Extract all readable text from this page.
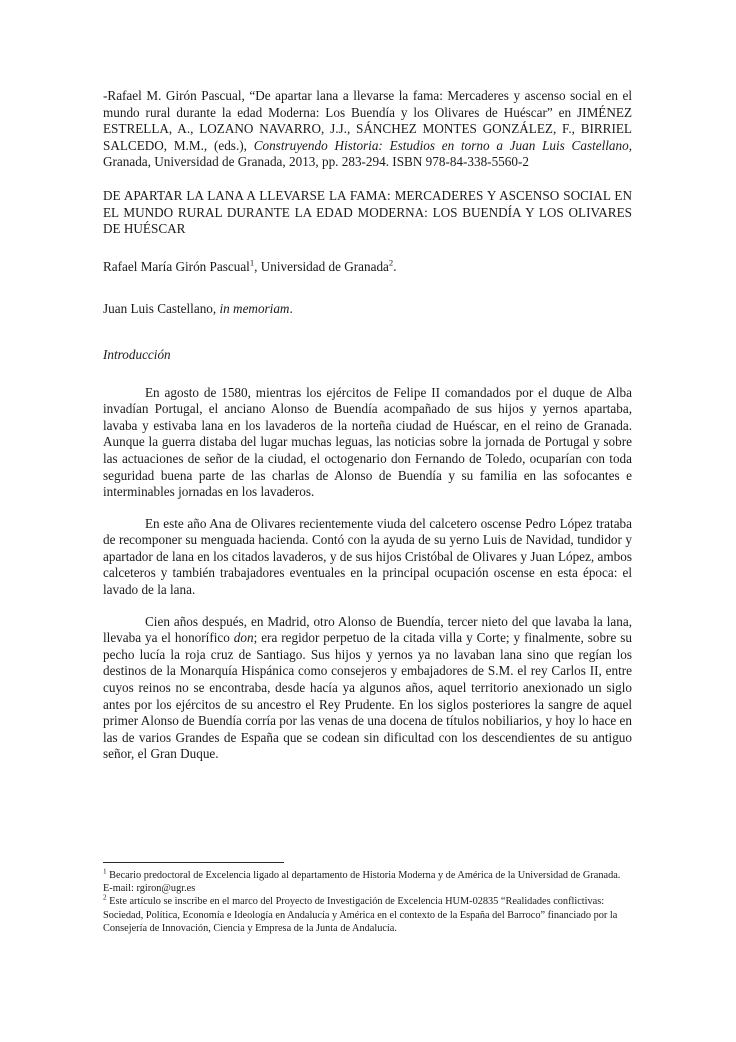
-Rafael M. Girón Pascual, “De apartar lana a llevarse la fama: Mercaderes y ascenso social en el mundo rural durante la edad Moderna: Los Buendía y los Olivares de Huéscar” en JIMÉNEZ ESTRELLA, A., LOZANO NAVARRO, J.J., SÁNCHEZ MONTES GONZÁLEZ, F., BIRRIEL SALCEDO, M.M., (eds.), Construyendo Historia: Estudios en torno a Juan Luis Castellano, Granada, Universidad de Granada, 2013, pp. 283-294. ISBN 978-84-338-5560-2

DE APARTAR LA LANA A LLEVARSE LA FAMA: MERCADERES Y ASCENSO SOCIAL EN EL MUNDO RURAL DURANTE LA EDAD MODERNA: LOS BUENDÍA Y LOS OLIVARES DE HUÉSCAR

Rafael María Girón Pascual$^1$, Universidad de Granada$^2$.

Juan Luis Castellano, in memoriam.

Introducción

En agosto de 1580, mientras los ejércitos de Felipe II comandados por el duque de Alba invadían Portugal, el anciano Alonso de Buendía acompañado de sus hijos y yernos apartaba, lavaba y estivaba lana en los lavaderos de la norteña ciudad de Huéscar, en el reino de Granada. Aunque la guerra distaba del lugar muchas leguas, las noticias sobre la jornada de Portugal y sobre las actuaciones de señor de la ciudad, el octogenario don Fernando de Toledo, ocuparían con toda seguridad buena parte de las charlas de Alonso de Buendía y su familia en las sofocantes e interminables jornadas en los lavaderos.

En este año Ana de Olivares recientemente viuda del calcetero oscense Pedro López trataba de recomponer su menguada hacienda. Contó con la ayuda de su yerno Luis de Navidad, tundidor y apartador de lana en los citados lavaderos, y de sus hijos Cristóbal de Olivares y Juan López, ambos calceteros y también trabajadores eventuales en la principal ocupación oscense en esta época: el lavado de la lana.

Cien años después, en Madrid, otro Alonso de Buendía, tercer nieto del que lavaba la lana, llevaba ya el honorífico don; era regidor perpetuo de la citada villa y Corte; y finalmente, sobre su pecho lucía la roja cruz de Santiago. Sus hijos y yernos ya no lavaban lana sino que regían los destinos de la Monarquía Hispánica como consejeros y embajadores de S.M. el rey Carlos II, entre cuyos reinos no se encontraba, desde hacía ya algunos años, aquel territorio anexionado un siglo antes por los ejércitos de su ancestro el Rey Prudente. En los siglos posteriores la sangre de aquel primer Alonso de Buendía corría por las venas de una docena de títulos nobiliarios, y hoy lo hace en las de varios Grandes de España que se codean sin dificultad con los descendientes de su antiguo señor, el Gran Duque.

$^1$ Becario predoctoral de Excelencia ligado al departamento de Historia Moderna y de América de la Universidad de Granada. E-mail: rgiron@ugr.es

$^2$ Este artículo se inscribe en el marco del Proyecto de Investigación de Excelencia HUM-02835 “Realidades conflictivas: Sociedad, Política, Economía e Ideología en Andalucía y América en el contexto de la España del Barroco” financiado por la Consejería de Innovación, Ciencia y Empresa de la Junta de Andalucía.
